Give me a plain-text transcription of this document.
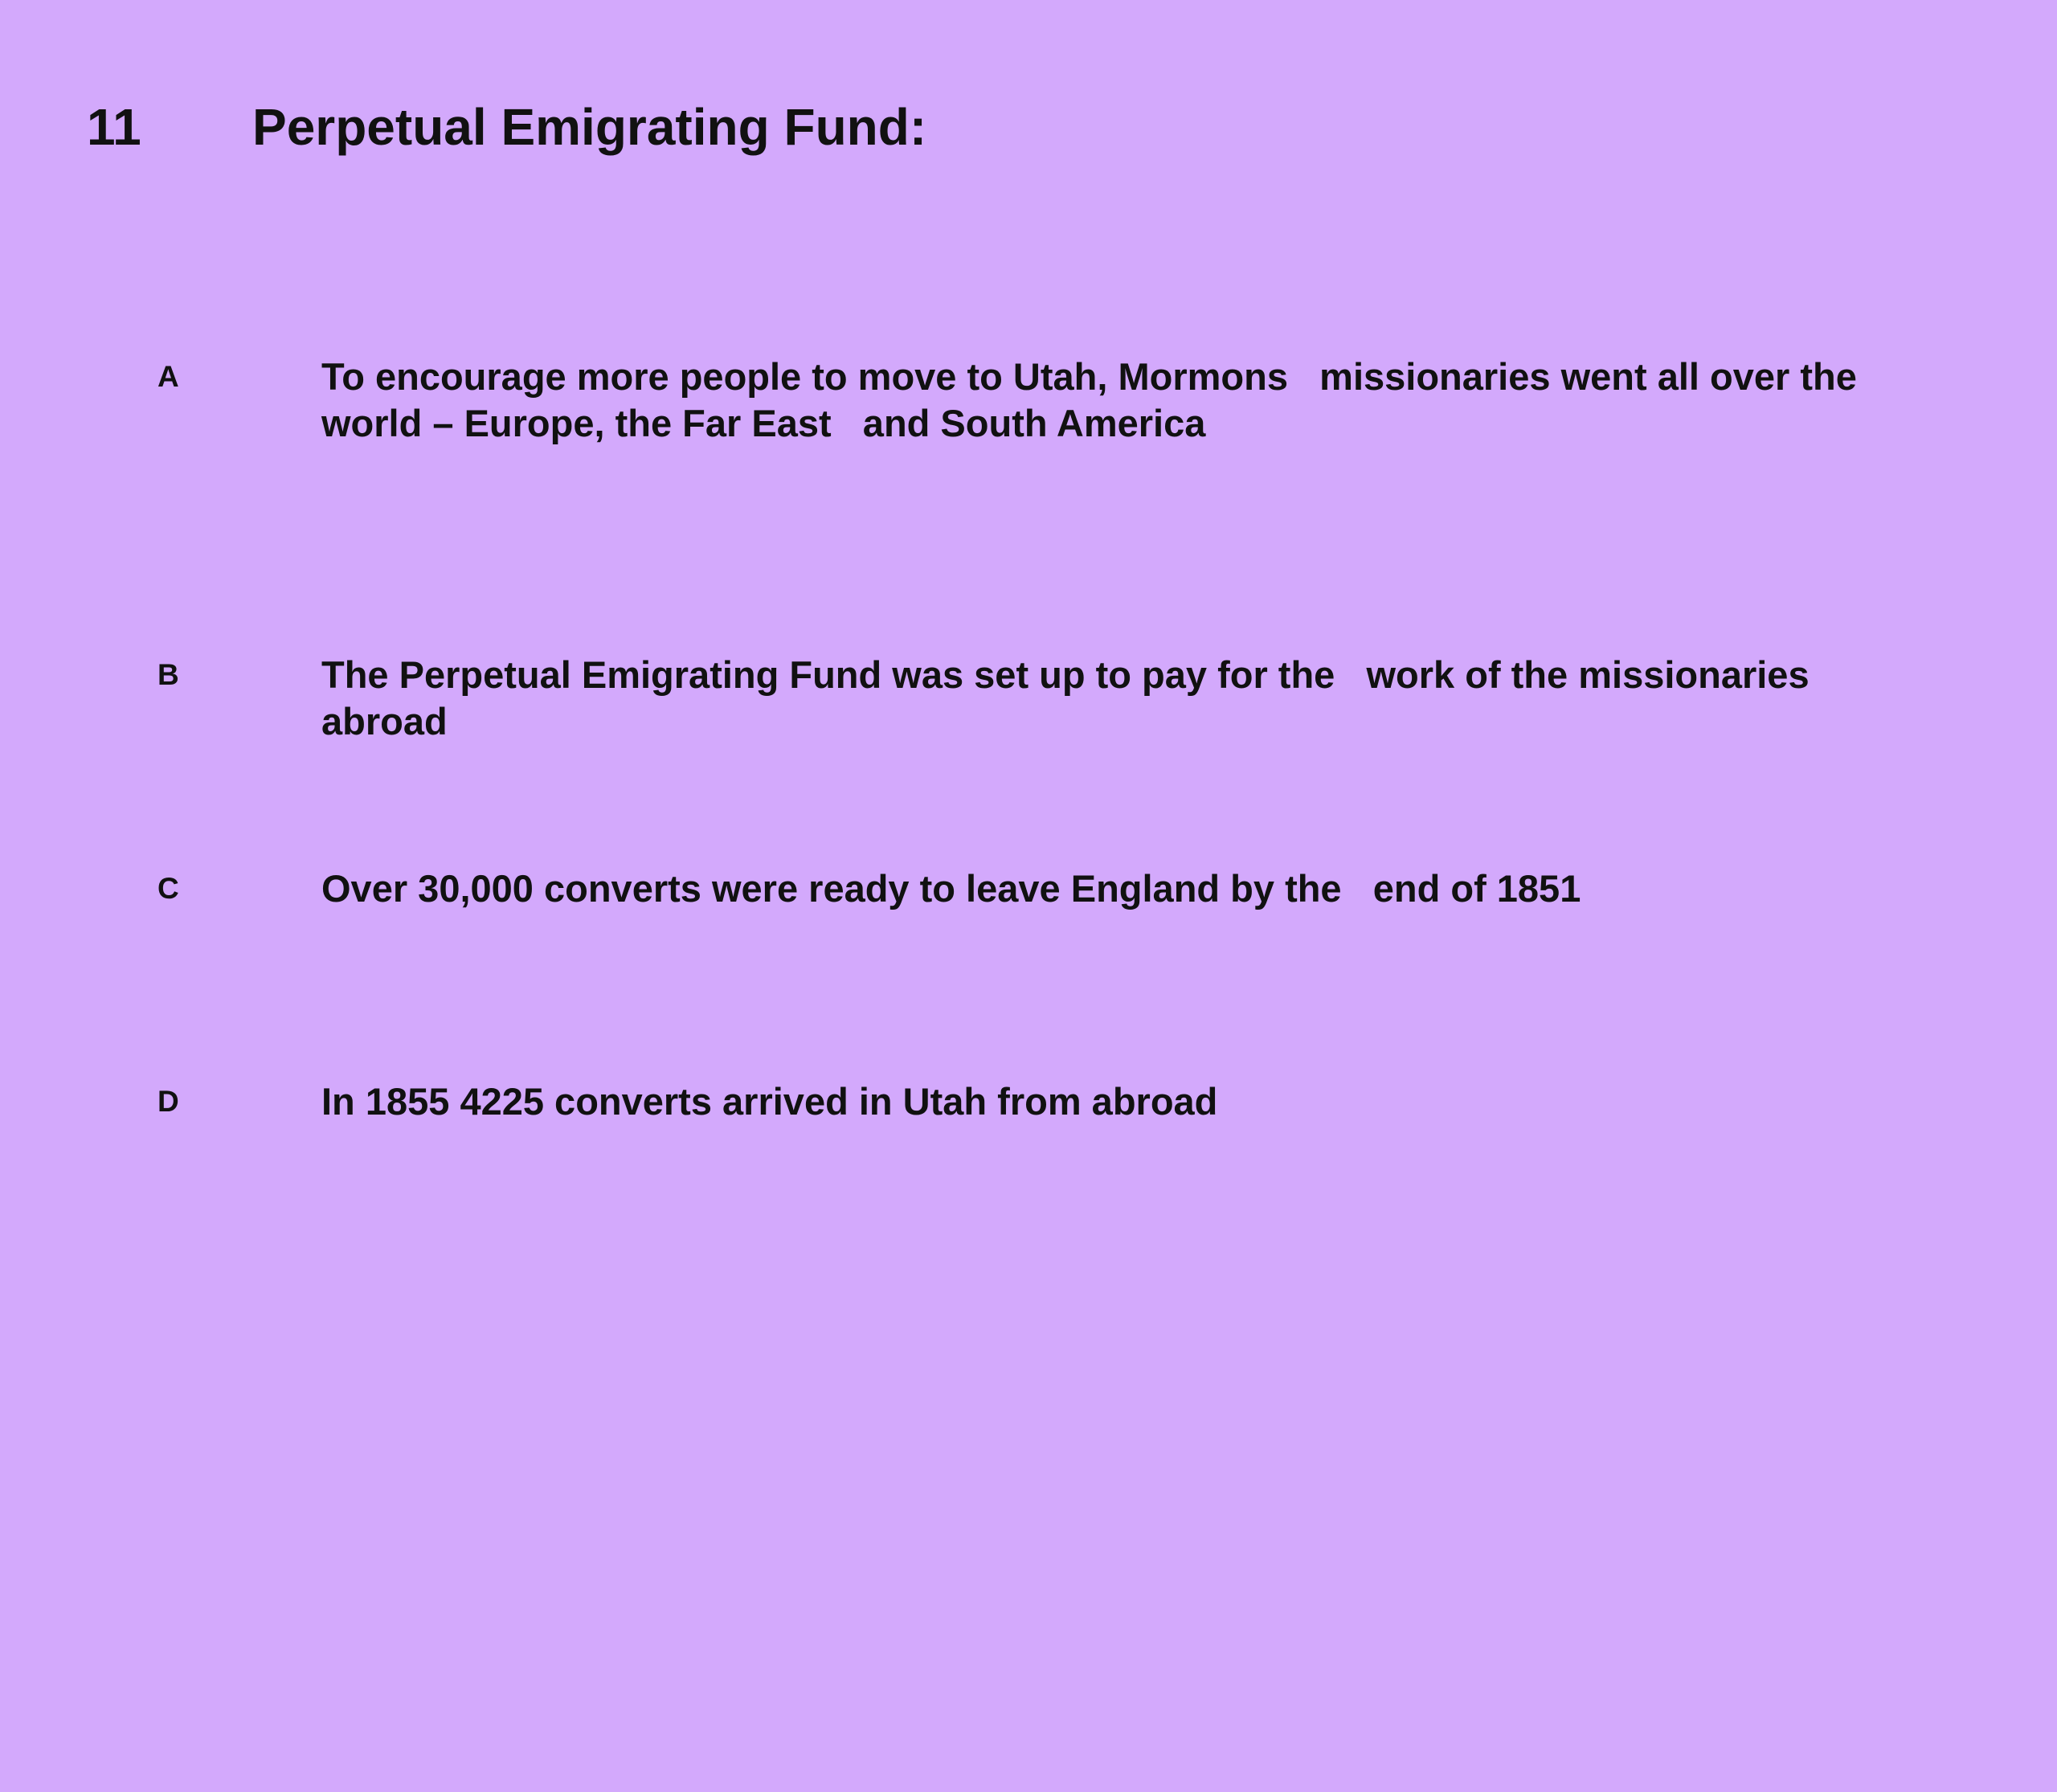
11 Perpetual Emigrating Fund:
A	To encourage more people to move to Utah, Mormons   missionaries went all over the world – Europe, the Far East   and South America
B	The Perpetual Emigrating Fund was set up to pay for the   work of the missionaries abroad
C	Over 30,000 converts were ready to leave England by the   end of 1851
D	In 1855 4225 converts arrived in Utah from abroad
